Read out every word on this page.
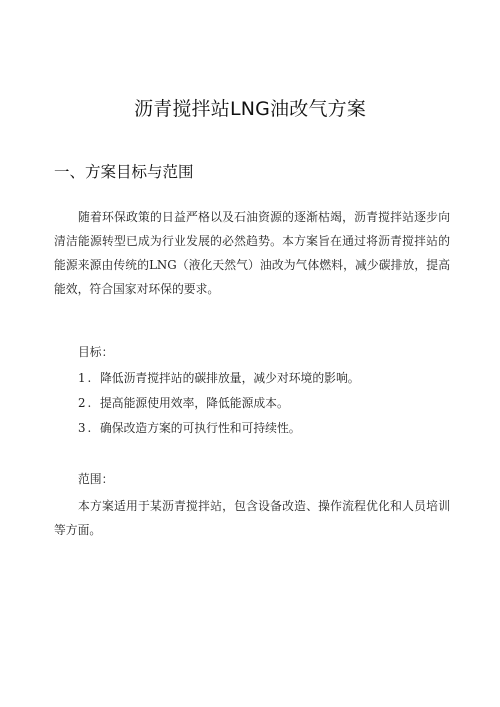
沥青搅拌站LNG油改气方案
一、方案目标与范围

随着环保政策的日益严格以及石油资源的逐渐枯竭，沥青搅拌站逐步向清洁能源转型已成为行业发展的必然趋势。本方案旨在通过将沥青搅拌站的能源来源由传统的LNG（液化天然气）油改为气体燃料，减少碳排放，提高能效，符合国家对环保的要求。

目标：
1. 降低沥青搅拌站的碳排放量，减少对环境的影响。
2. 提高能源使用效率，降低能源成本。
3. 确保改造方案的可执行性和可持续性。
范围：

本方案适用于某沥青搅拌站，包含设备改造、操作流程优化和人员培训等方面。
